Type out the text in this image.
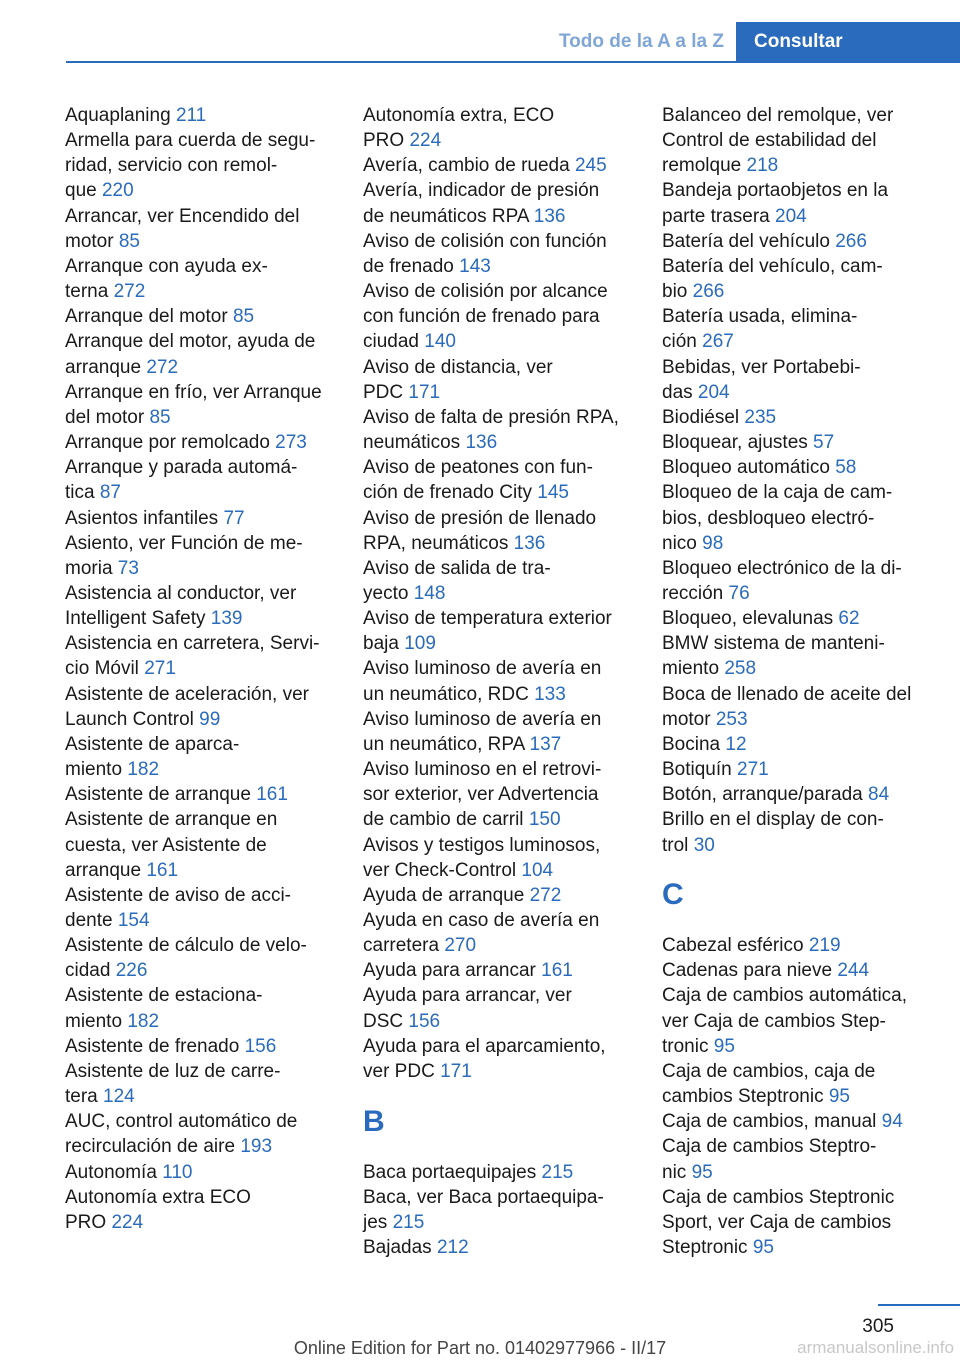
Todo de la A a la Z	Consultar
Aquaplaning 211
Armella para cuerda de segu-
ridad, servicio con remol-
que 220
Arrancar, ver Encendido del
motor 85
Arranque con ayuda ex-
terna 272
Arranque del motor 85
Arranque del motor, ayuda de
arranque 272
Arranque en frío, ver Arranque
del motor 85
Arranque por remolcado 273
Arranque y parada automá-
tica 87
Asientos infantiles 77
Asiento, ver Función de me-
moria 73
Asistencia al conductor, ver
Intelligent Safety 139
Asistencia en carretera, Servi-
cio Móvil 271
Asistente de aceleración, ver
Launch Control 99
Asistente de aparca-
miento 182
Asistente de arranque 161
Asistente de arranque en
cuesta, ver Asistente de
arranque 161
Asistente de aviso de acci-
dente 154
Asistente de cálculo de velo-
cidad 226
Asistente de estaciona-
miento 182
Asistente de frenado 156
Asistente de luz de carre-
tera 124
AUC, control automático de
recirculación de aire 193
Autonomía 110
Autonomía extra ECO
PRO 224
Autonomía extra, ECO
PRO 224
Avería, cambio de rueda 245
Avería, indicador de presión
de neumáticos RPA 136
Aviso de colisión con función
de frenado 143
Aviso de colisión por alcance
con función de frenado para
ciudad 140
Aviso de distancia, ver
PDC 171
Aviso de falta de presión RPA,
neumáticos 136
Aviso de peatones con fun-
ción de frenado City 145
Aviso de presión de llenado
RPA, neumáticos 136
Aviso de salida de tra-
yecto 148
Aviso de temperatura exterior
baja 109
Aviso luminoso de avería en
un neumático, RDC 133
Aviso luminoso de avería en
un neumático, RPA 137
Aviso luminoso en el retrovi-
sor exterior, ver Advertencia
de cambio de carril 150
Avisos y testigos luminosos,
ver Check-Control 104
Ayuda de arranque 272
Ayuda en caso de avería en
carretera 270
Ayuda para arrancar 161
Ayuda para arrancar, ver
DSC 156
Ayuda para el aparcamiento,
ver PDC 171
B
Baca portaequipajes 215
Baca, ver Baca portaequipa-
jes 215
Bajadas 212
Balanceo del remolque, ver
Control de estabilidad del
remolque 218
Bandeja portaobjetos en la
parte trasera 204
Batería del vehículo 266
Batería del vehículo, cam-
bio 266
Batería usada, elimina-
ción 267
Bebidas, ver Portabebi-
das 204
Biodiésel 235
Bloquear, ajustes 57
Bloqueo automático 58
Bloqueo de la caja de cam-
bios, desbloqueo electró-
nico 98
Bloqueo electrónico de la di-
rección 76
Bloqueo, elevalunas 62
BMW sistema de manteni-
miento 258
Boca de llenado de aceite del
motor 253
Bocina 12
Botiquín 271
Botón, arranque/parada 84
Brillo en el display de con-
trol 30
C
Cabezal esférico 219
Cadenas para nieve 244
Caja de cambios automática,
ver Caja de cambios Step-
tronic 95
Caja de cambios, caja de
cambios Steptronic 95
Caja de cambios, manual 94
Caja de cambios Steptro-
nic 95
Caja de cambios Steptronic
Sport, ver Caja de cambios
Steptronic 95
305
Online Edition for Part no. 01402977966 - II/17	armanualsonline.info
